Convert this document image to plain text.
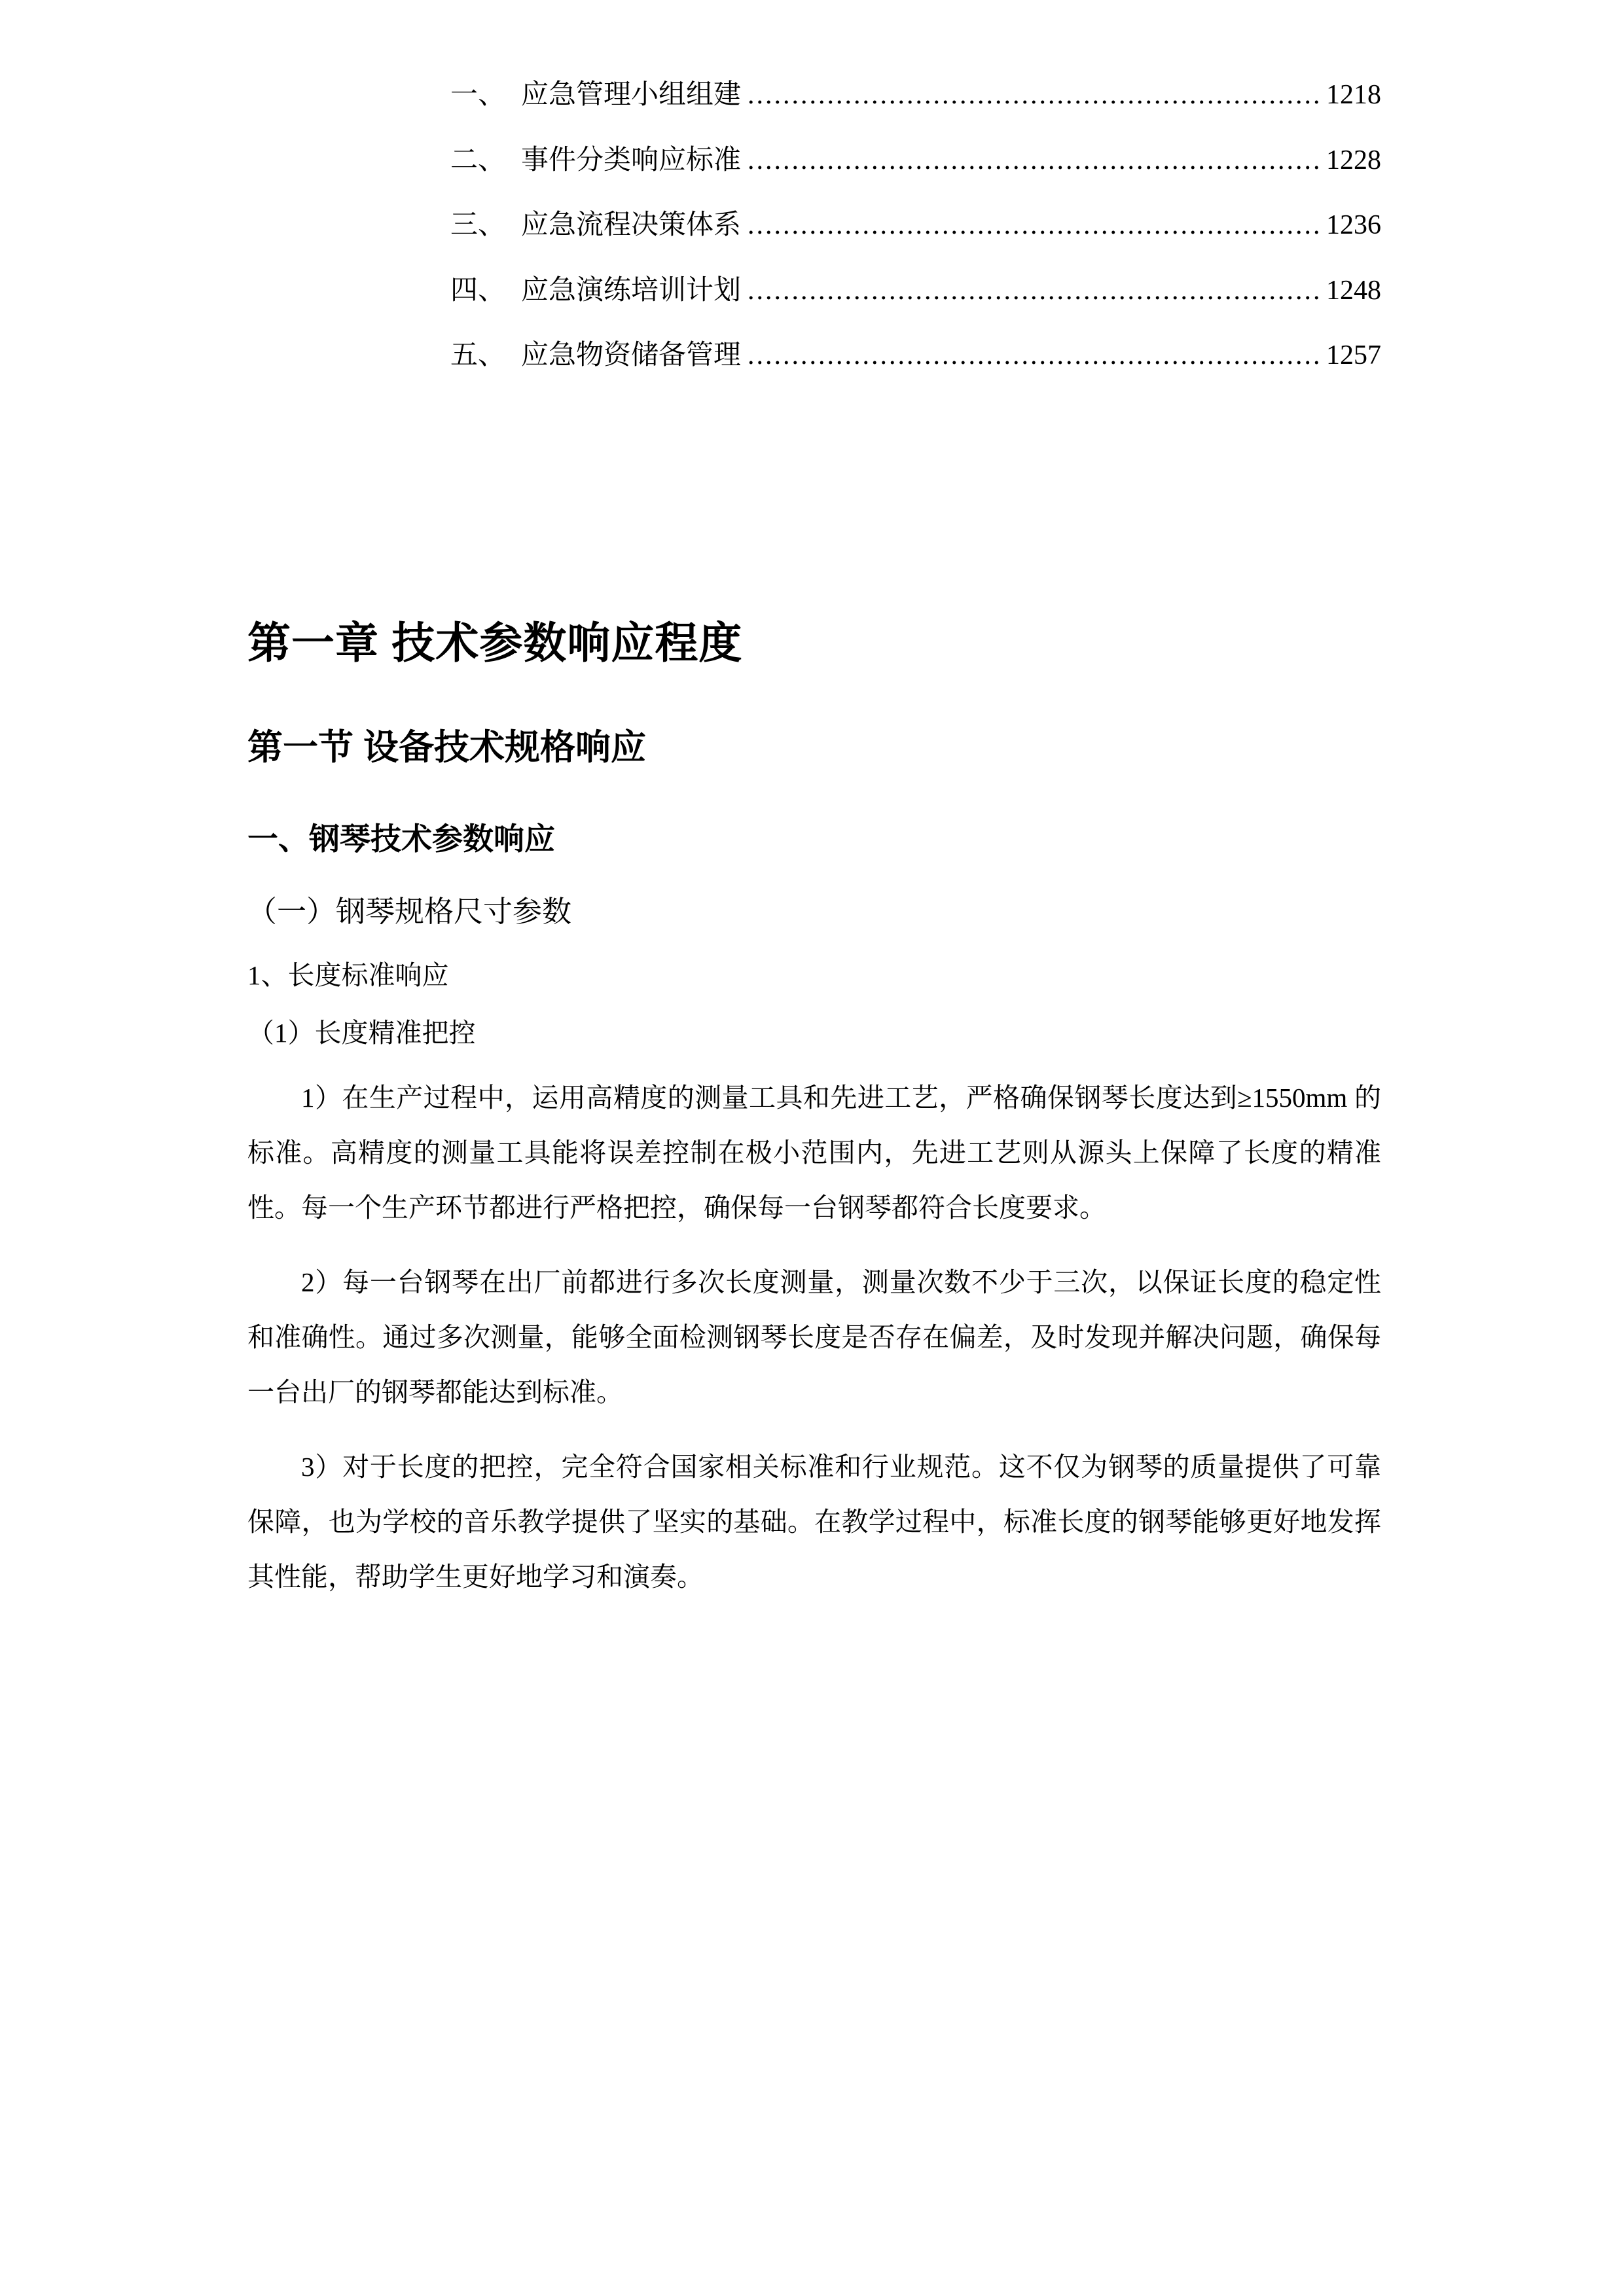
一、 应急管理小组组建 .....	1218
二、 事件分类响应标准 .....	1228
三、 应急流程决策体系 .....	1236
四、 应急演练培训计划 .....	1248
五、 应急物资储备管理 .....	1257
第一章 技术参数响应程度
第一节 设备技术规格响应
一、钢琴技术参数响应
（一）钢琴规格尺寸参数
1、长度标准响应
（1）长度精准把控

1）在生产过程中，运用高精度的测量工具和先进工艺，严格确保钢琴长度达到≥1550mm 的标准。高精度的测量工具能将误差控制在极小范围内，先进工艺则从源头上保障了长度的精准性。每一个生产环节都进行严格把控，确保每一台钢琴都符合长度要求。

2）每一台钢琴在出厂前都进行多次长度测量，测量次数不少于三次，以保证长度的稳定性和准确性。通过多次测量，能够全面检测钢琴长度是否存在偏差，及时发现并解决问题，确保每一台出厂的钢琴都能达到标准。

3）对于长度的把控，完全符合国家相关标准和行业规范。这不仅为钢琴的质量提供了可靠保障，也为学校的音乐教学提供了坚实的基础。在教学过程中，标准长度的钢琴能够更好地发挥其性能，帮助学生更好地学习和演奏。
